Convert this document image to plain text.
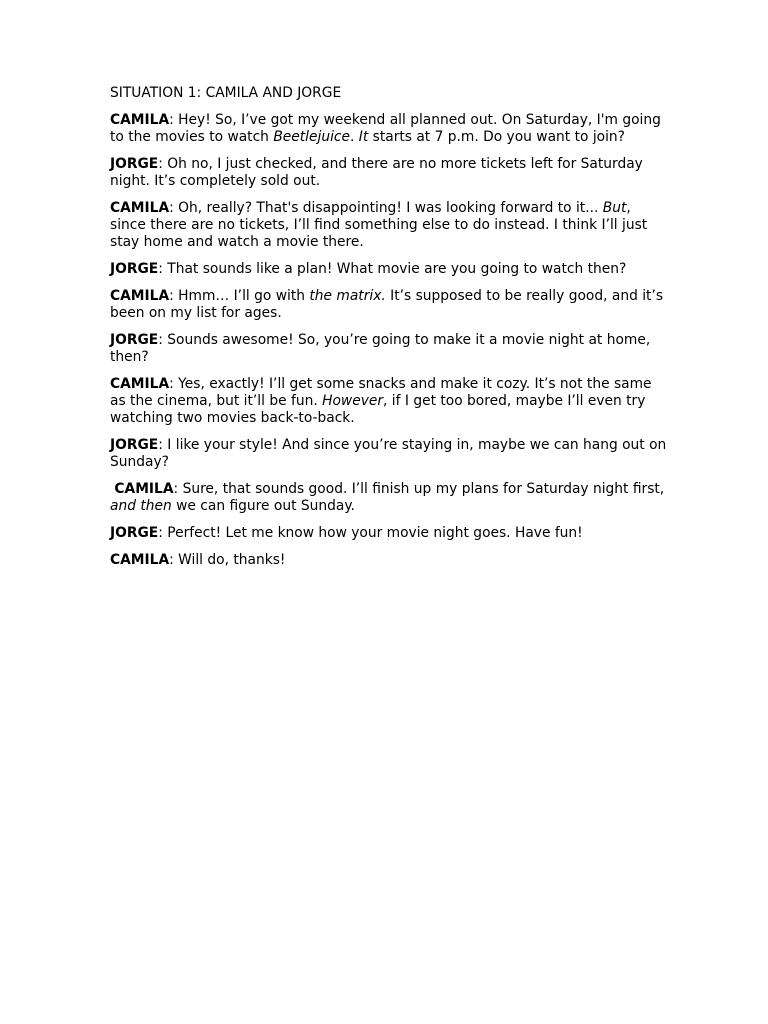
SITUATION 1: CAMILA AND JORGE

CAMILA: Hey! So, I’ve got my weekend all planned out. On Saturday, I'm going to the movies to watch Beetlejuice. It starts at 7 p.m. Do you want to join?

JORGE: Oh no, I just checked, and there are no more tickets left for Saturday night. It’s completely sold out.

CAMILA: Oh, really? That's disappointing! I was looking forward to it... But, since there are no tickets, I’ll find something else to do instead. I think I’ll just stay home and watch a movie there.

JORGE: That sounds like a plan! What movie are you going to watch then?

CAMILA: Hmm… I’ll go with the matrix. It’s supposed to be really good, and it’s been on my list for ages.

JORGE: Sounds awesome! So, you’re going to make it a movie night at home, then?

CAMILA: Yes, exactly! I’ll get some snacks and make it cozy. It’s not the same as the cinema, but it’ll be fun. However, if I get too bored, maybe I’ll even try watching two movies back-to-back.

JORGE: I like your style! And since you’re staying in, maybe we can hang out on Sunday?

CAMILA: Sure, that sounds good. I’ll finish up my plans for Saturday night first, and then we can figure out Sunday.

JORGE: Perfect! Let me know how your movie night goes. Have fun!

CAMILA: Will do, thanks!
